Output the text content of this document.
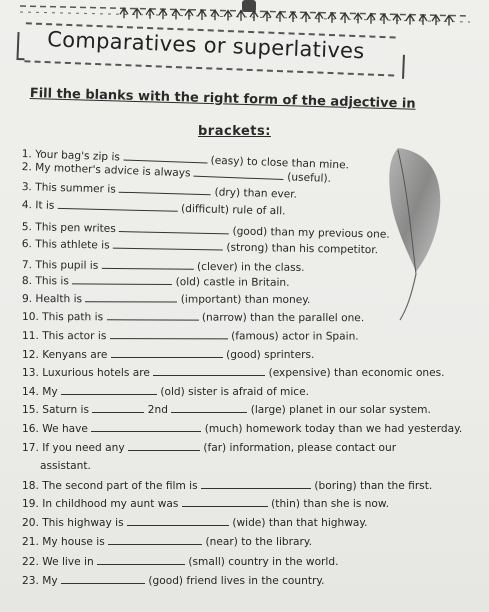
Comparatives or superlatives
Fill the blanks with the right form of the adjective in
brackets:
1. Your bag's zip is	(easy) to close than mine.
2. My mother's advice is always	(useful).
3. This summer is	(dry) than ever.
4. It is	(difficult) rule of all.
5. This pen writes	(good) than my previous one.
6. This athlete is	(strong) than his competitor.
7. This pupil is	(clever) in the class.
8. This is	(old) castle in Britain.
9. Health is	(important) than money.
10. This path is	(narrow) than the parallel one.
11. This actor is	(famous) actor in Spain.
12. Kenyans are	(good) sprinters.
13. Luxurious hotels are	(expensive) than economic ones.
14. My	(old) sister is afraid of mice.
15. Saturn is	2nd	(large) planet in our solar system.
16. We have	(much) homework today than we had yesterday.
17. If you need any	(far) information, please contact our
assistant.
18. The second part of the film is	(boring) than the first.
19. In childhood my aunt was	(thin) than she is now.
20. This highway is	(wide) than that highway.
21. My house is	(near) to the library.
22. We live in	(small) country in the world.
23. My	(good) friend lives in the country.
